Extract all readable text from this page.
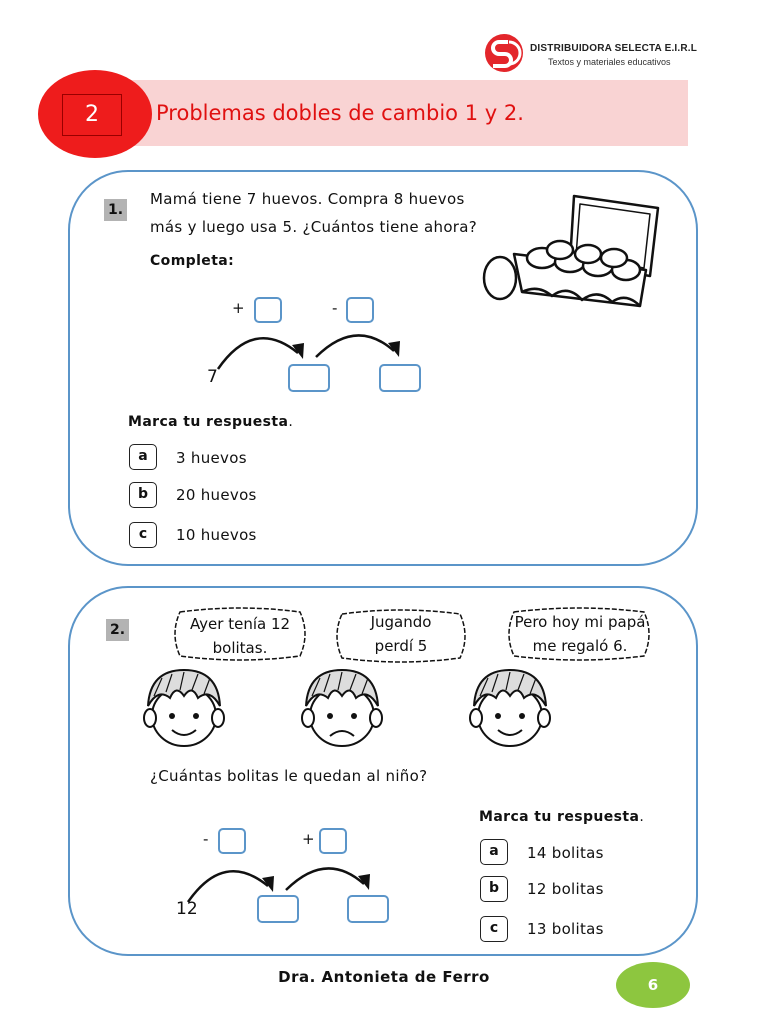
DISTRIBUIDORA SELECTA E.I.R.L
Textos y materiales educativos
2	Problemas dobles de cambio 1 y 2.
1.
Mamá tiene 7 huevos. Compra 8 huevos
más y luego usa 5. ¿Cuántos tiene ahora?
Completa:
+	-
7
Marca tu respuesta.
a	3 huevos
b	20 huevos
c	10 huevos
2.	Ayer tenía 12
bolitas.
Jugando
perdí 5
Pero hoy mi papá
me regaló 6.
¿Cuántas bolitas le quedan al niño?
-	+
12
Marca tu respuesta.
a	14 bolitas
b	12 bolitas
c	13 bolitas
Dra. Antonieta de Ferro	6
